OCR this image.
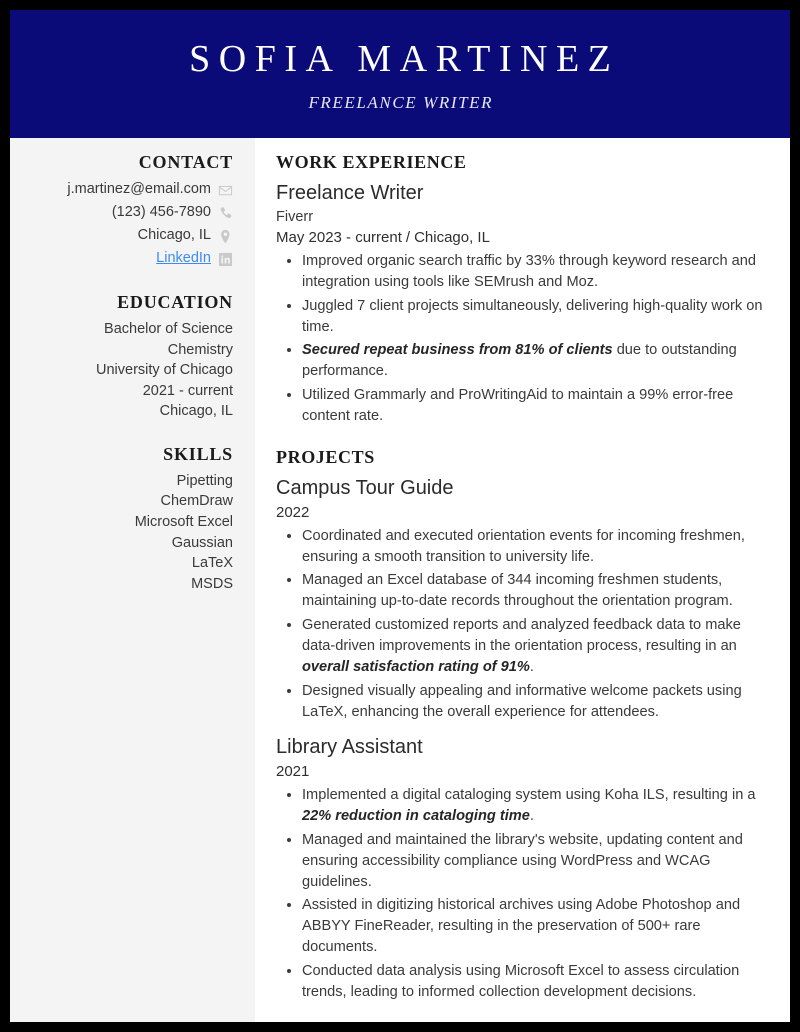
SOFIA MARTINEZ
FREELANCE WRITER
CONTACT
j.martinez@email.com
(123) 456-7890
Chicago, IL
LinkedIn
EDUCATION
Bachelor of Science
Chemistry
University of Chicago
2021 - current
Chicago, IL
SKILLS
Pipetting
ChemDraw
Microsoft Excel
Gaussian
LaTeX
MSDS
WORK EXPERIENCE
Freelance Writer
Fiverr
May 2023 - current / Chicago, IL
Improved organic search traffic by 33% through keyword research and integration using tools like SEMrush and Moz.
Juggled 7 client projects simultaneously, delivering high-quality work on time.
Secured repeat business from 81% of clients due to outstanding performance.
Utilized Grammarly and ProWritingAid to maintain a 99% error-free content rate.
PROJECTS
Campus Tour Guide
2022
Coordinated and executed orientation events for incoming freshmen, ensuring a smooth transition to university life.
Managed an Excel database of 344 incoming freshmen students, maintaining up-to-date records throughout the orientation program.
Generated customized reports and analyzed feedback data to make data-driven improvements in the orientation process, resulting in an overall satisfaction rating of 91%.
Designed visually appealing and informative welcome packets using LaTeX, enhancing the overall experience for attendees.
Library Assistant
2021
Implemented a digital cataloging system using Koha ILS, resulting in a 22% reduction in cataloging time.
Managed and maintained the library's website, updating content and ensuring accessibility compliance using WordPress and WCAG guidelines.
Assisted in digitizing historical archives using Adobe Photoshop and ABBYY FineReader, resulting in the preservation of 500+ rare documents.
Conducted data analysis using Microsoft Excel to assess circulation trends, leading to informed collection development decisions.
